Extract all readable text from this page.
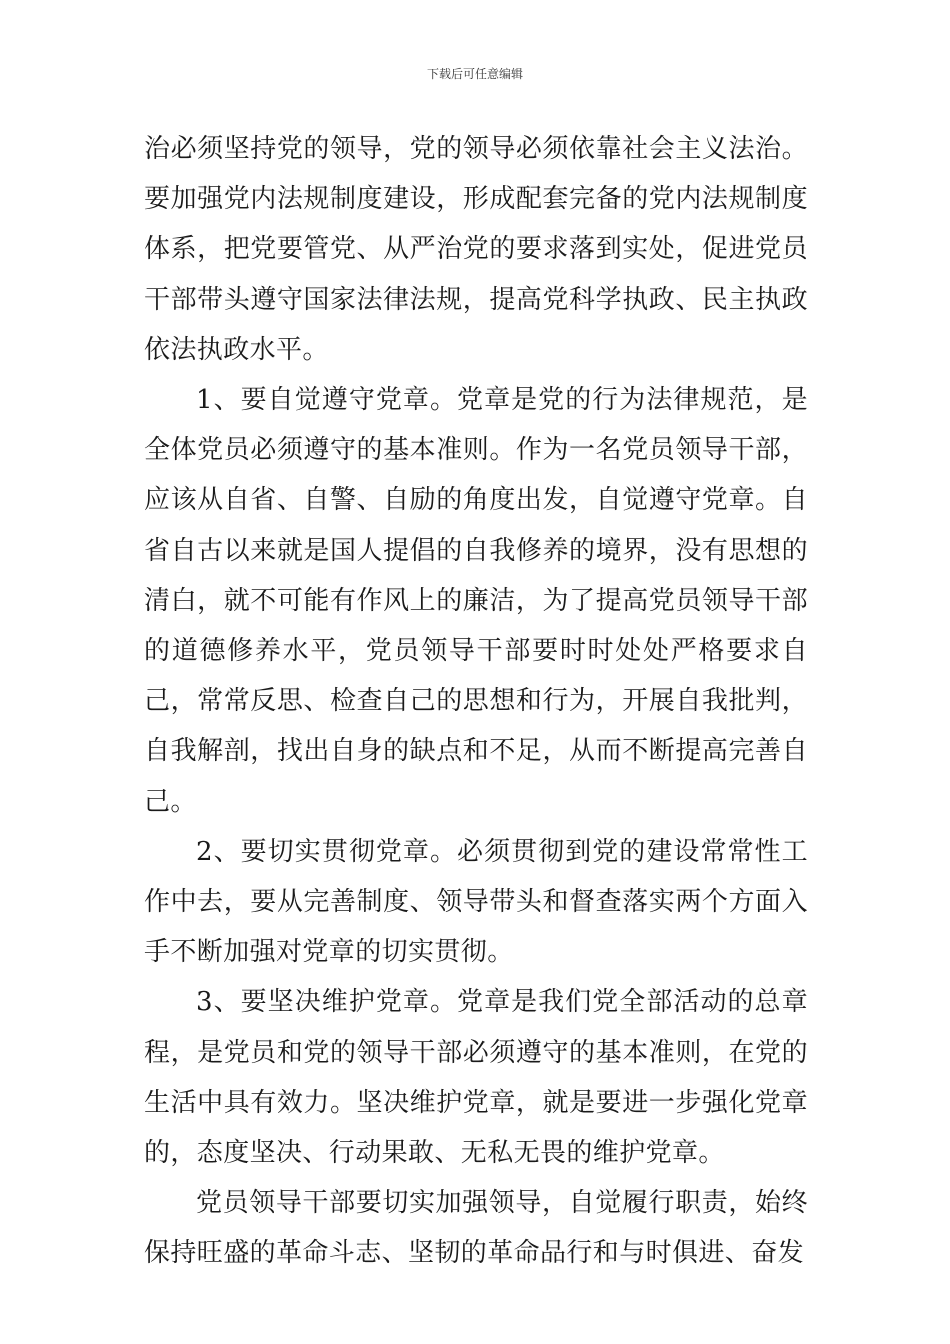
下载后可任意编辑

治必须坚持党的领导，党的领导必须依靠社会主义法治。要加强党内法规制度建设，形成配套完备的党内法规制度体系，把党要管党、从严治党的要求落到实处，促进党员干部带头遵守国家法律法规，提高党科学执政、民主执政依法执政水平。

1、要自觉遵守党章。党章是党的行为法律规范，是全体党员必须遵守的基本准则。作为一名党员领导干部，应该从自省、自警、自励的角度出发，自觉遵守党章。自省自古以来就是国人提倡的自我修养的境界，没有思想的清白，就不可能有作风上的廉洁，为了提高党员领导干部的道德修养水平，党员领导干部要时时处处严格要求自己，常常反思、检查自己的思想和行为，开展自我批判，自我解剖，找出自身的缺点和不足，从而不断提高完善自己。

2、要切实贯彻党章。必须贯彻到党的建设常常性工作中去，要从完善制度、领导带头和督查落实两个方面入手不断加强对党章的切实贯彻。

3、要坚决维护党章。党章是我们党全部活动的总章程，是党员和党的领导干部必须遵守的基本准则，在党的生活中具有效力。坚决维护党章，就是要进一步强化党章的，态度坚决、行动果敢、无私无畏的维护党章。

党员领导干部要切实加强领导，自觉履行职责，始终保持旺盛的革命斗志、坚韧的革命品行和与时俱进、奋发
